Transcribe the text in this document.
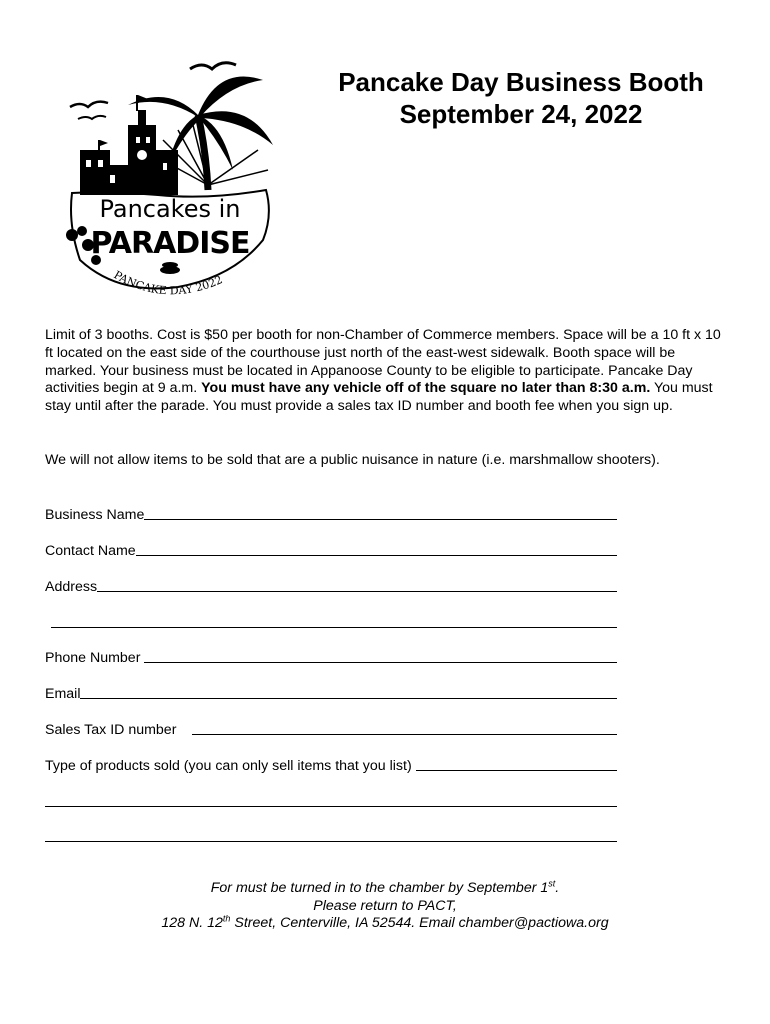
Pancakes in
PARADISE
PANCAKE DAY 2022
Pancake Day Business Booth
September 24, 2022

Limit of 3 booths. Cost is $50 per booth for non-Chamber of Commerce members. Space will be a 10 ft x 10 ft located on the east side of the courthouse just north of the east-west sidewalk. Booth space will be marked. Your business must be located in Appanoose County to be eligible to participate. Pancake Day activities begin at 9 a.m. You must have any vehicle off of the square no later than 8:30 a.m. You must stay until after the parade. You must provide a sales tax ID number and booth fee when you sign up.

We will not allow items to be sold that are a public nuisance in nature (i.e. marshmallow shooters).

Business Name
Contact Name
Address
Phone Number
Email
Sales Tax ID number
Type of products sold (you can only sell items that you list)
For must be turned in to the chamber by September 1st.
Please return to PACT,
128 N. 12th Street, Centerville, IA 52544. Email chamber@pactiowa.org
